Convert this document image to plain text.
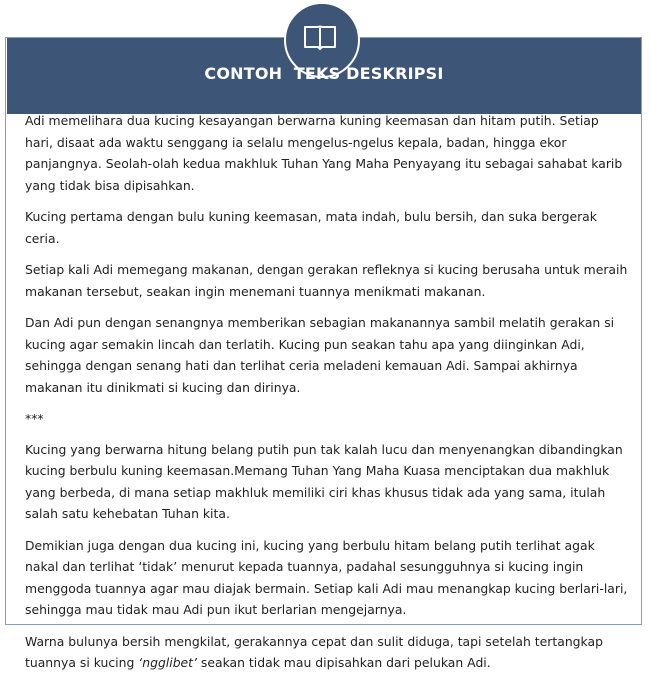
CONTOH  TEKS DESKRIPSI

Adi memelihara dua kucing kesayangan berwarna kuning keemasan dan hitam putih. Setiap hari, disaat ada waktu senggang ia selalu mengelus-ngelus kepala, badan, hingga ekor panjangnya. Seolah-olah kedua makhluk Tuhan Yang Maha Penyayang itu sebagai sahabat karib yang tidak bisa dipisahkan.

Kucing pertama dengan bulu kuning keemasan, mata indah, bulu bersih, dan suka bergerak ceria.

Setiap kali Adi memegang makanan, dengan gerakan refleknya si kucing berusaha untuk meraih makanan tersebut, seakan ingin menemani tuannya menikmati makanan.

Dan Adi pun dengan senangnya memberikan sebagian makanannya sambil melatih gerakan si kucing agar semakin lincah dan terlatih. Kucing pun seakan tahu apa yang diinginkan Adi, sehingga dengan senang hati dan terlihat ceria meladeni kemauan Adi. Sampai akhirnya makanan itu dinikmati si kucing dan dirinya.

***

Kucing yang berwarna hitung belang putih pun tak kalah lucu dan menyenangkan dibandingkan kucing berbulu kuning keemasan.Memang Tuhan Yang Maha Kuasa menciptakan dua makhluk yang berbeda, di mana setiap makhluk memiliki ciri khas khusus tidak ada yang sama, itulah salah satu kehebatan Tuhan kita.

Demikian juga dengan dua kucing ini, kucing yang berbulu hitam belang putih terlihat agak nakal dan terlihat ‘tidak’ menurut kepada tuannya, padahal sesungguhnya si kucing ingin menggoda tuannya agar mau diajak bermain. Setiap kali Adi mau menangkap kucing berlari-lari, sehingga mau tidak mau Adi pun ikut berlarian mengejarnya.

Warna bulunya bersih mengkilat, gerakannya cepat dan sulit diduga, tapi setelah tertangkap tuannya si kucing ‘ngglibet’ seakan tidak mau dipisahkan dari pelukan Adi.
